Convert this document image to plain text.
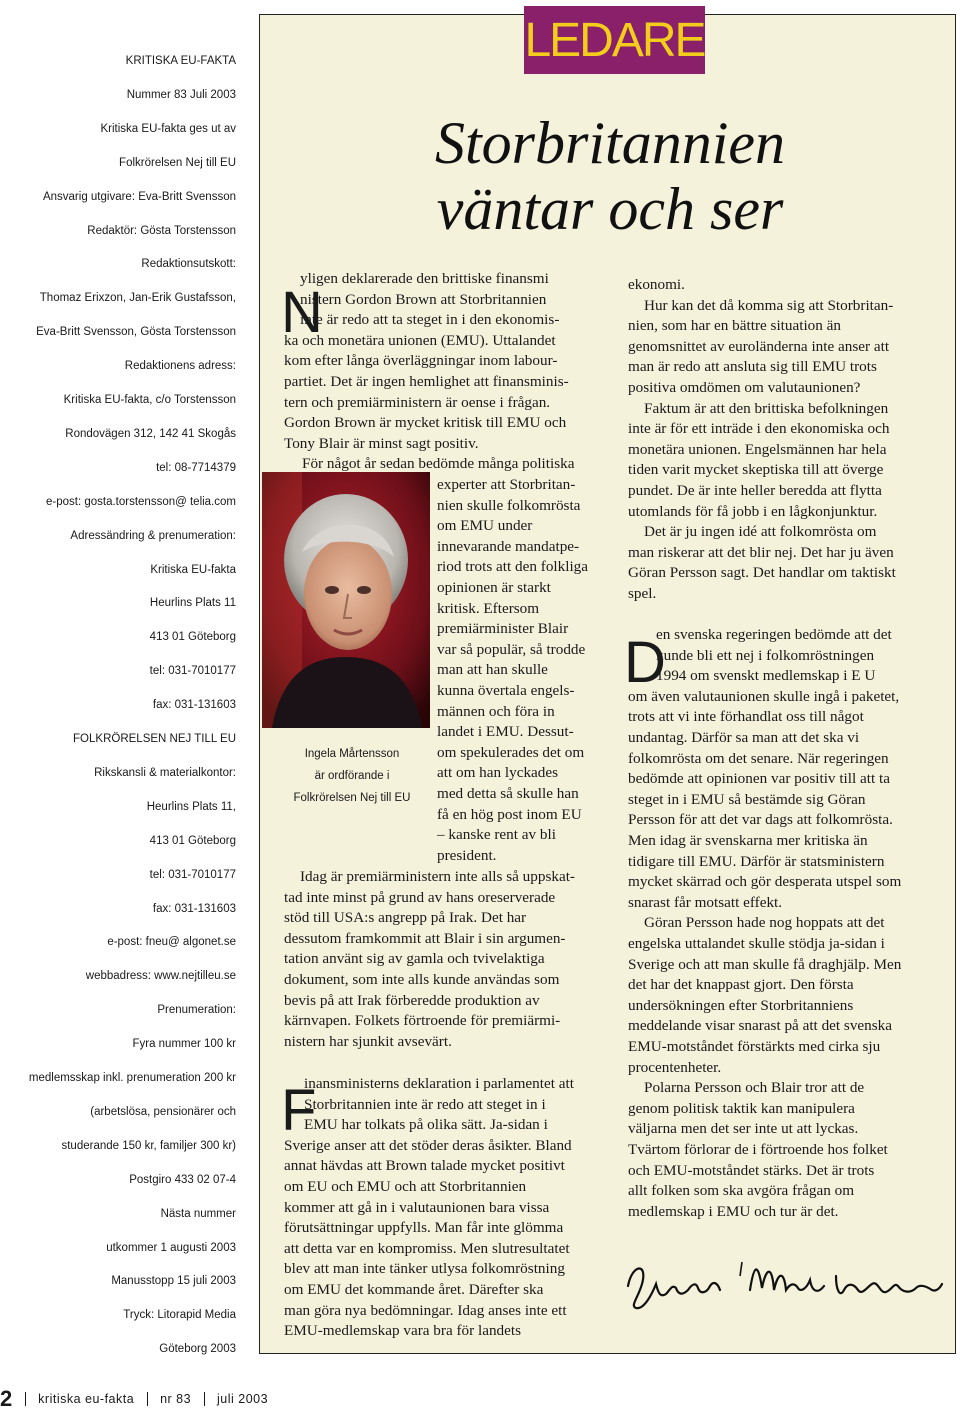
KRITISKA EU-FAKTA
Nummer 83 Juli 2003
Kritiska EU-fakta ges ut av
Folkrörelsen Nej till EU
Ansvarig utgivare: Eva-Britt Svensson
Redaktör: Gösta Torstensson
Redaktionsutskott:
Thomaz Erixzon, Jan-Erik Gustafsson,
Eva-Britt Svensson, Gösta Torstensson
Redaktionens adress:
Kritiska EU-fakta, c/o Torstensson
Rondovägen 312, 142 41 Skogås
tel: 08-7714379
e-post: gosta.torstensson@ telia.com
Adressändring & prenumeration:
Kritiska EU-fakta
Heurlins Plats 11
413 01 Göteborg
tel: 031-7010177
fax: 031-131603
FOLKRÖRELSEN NEJ TILL EU
Rikskansli & materialkontor:
Heurlins Plats 11,
413 01 Göteborg
tel: 031-7010177
fax: 031-131603
e-post: fneu@ algonet.se
webbadress: www.nejtilleu.se
Prenumeration:
Fyra nummer 100 kr
medlemsskap inkl. prenumeration 200 kr
(arbetslösa, pensionärer och
studerande 150 kr, familjer 300 kr)
Postgiro 433 02 07-4
Nästa nummer
utkommer 1 augusti 2003
Manusstopp 15 juli 2003
Tryck: Litorapid Media
Göteborg 2003
LEDARE
Storbritannien
väntar och ser
Ingela Mårtensson
är ordförande i
Folkrörelsen Nej till EU
N
F
D
yligen deklarerade den brittiske finansmi
nistern Gordon Brown att Storbritannien
inte är redo att ta steget in i den ekonomis-
ka och monetära unionen (EMU). Uttalandet
kom efter långa överläggningar inom labour-
partiet. Det är ingen hemlighet att finansminis-
tern och premiärministern är oense i frågan.
Gordon Brown är mycket kritisk till EMU och
Tony Blair är minst sagt positiv.
För något år sedan bedömde många politiska
experter att Storbritan-
nien skulle folkomrösta
om EMU under
innevarande mandatpe-
riod trots att den folkliga
opinionen är starkt
kritisk. Eftersom
premiärminister Blair
var så populär, så trodde
man att han skulle
kunna övertala engels-
männen och föra in
landet i EMU. Dessut-
om spekulerades det om
att om han lyckades
med detta så skulle han
få en hög post inom EU
– kanske rent av bli
president.
Idag är premiärministern inte alls så uppskat-
tad inte minst på grund av hans oreserverade
stöd till USA:s angrepp på Irak. Det har
dessutom framkommit att Blair i sin argumen-
tation använt sig av gamla och tvivelaktiga
dokument, som inte alls kunde användas som
bevis på att Irak förberedde produktion av
kärnvapen. Folkets förtroende för premiärmi-
nistern har sjunkit avsevärt.
inansministerns deklaration i parlamentet att
Storbritannien inte är redo att steget in i
EMU har tolkats på olika sätt. Ja-sidan i
Sverige anser att det stöder deras åsikter. Bland
annat hävdas att Brown talade mycket positivt
om EU och EMU och att Storbritannien
kommer att gå in i valutaunionen bara vissa
förutsättningar uppfylls. Man får inte glömma
att detta var en kompromiss. Men slutresultatet
blev att man inte tänker utlysa folkomröstning
om EMU det kommande året. Därefter ska
man göra nya bedömningar. Idag anses inte ett
EMU-medlemskap vara bra för landets
ekonomi.
Hur kan det då komma sig att Storbritan-
nien, som har en bättre situation än
genomsnittet av euroländerna inte anser att
man är redo att ansluta sig till EMU trots
positiva omdömen om valutaunionen?
Faktum är att den brittiska befolkningen
inte är för ett inträde i den ekonomiska och
monetära unionen. Engelsmännen har hela
tiden varit mycket skeptiska till att överge
pundet. De är inte heller beredda att flytta
utomlands för få jobb i en lågkonjunktur.
Det är ju ingen idé att folkomrösta om
man riskerar att det blir nej. Det har ju även
Göran Persson sagt. Det handlar om taktiskt
spel.
en svenska regeringen bedömde att det
kunde bli ett nej i folkomröstningen
1994 om svenskt medlemskap i E U
om även valutaunionen skulle ingå i paketet,
trots att vi inte förhandlat oss till något
undantag. Därför sa man att det ska vi
folkomrösta om det senare. När regeringen
bedömde att opinionen var positiv till att ta
steget in i EMU så bestämde sig Göran
Persson för att det var dags att folkomrösta.
Men idag är svenskarna mer kritiska än
tidigare till EMU. Därför är statsministern
mycket skärrad och gör desperata utspel som
snarast får motsatt effekt.
Göran Persson hade nog hoppats att det
engelska uttalandet skulle stödja ja-sidan i
Sverige och att man skulle få draghjälp. Men
det har det knappast gjort. Den första
undersökningen efter Storbritanniens
meddelande visar snarast på att det svenska
EMU-motståndet förstärkts med cirka sju
procentenheter.
Polarna Persson och Blair tror att de
genom politisk taktik kan manipulera
väljarna men det ser inte ut att lyckas.
Tvärtom förlorar de i förtroende hos folket
och EMU-motståndet stärks. Det är trots
allt folken som ska avgöra frågan om
medlemskap i EMU och tur är det.
2 kritiska eu-fakta nr 83 juli 2003
